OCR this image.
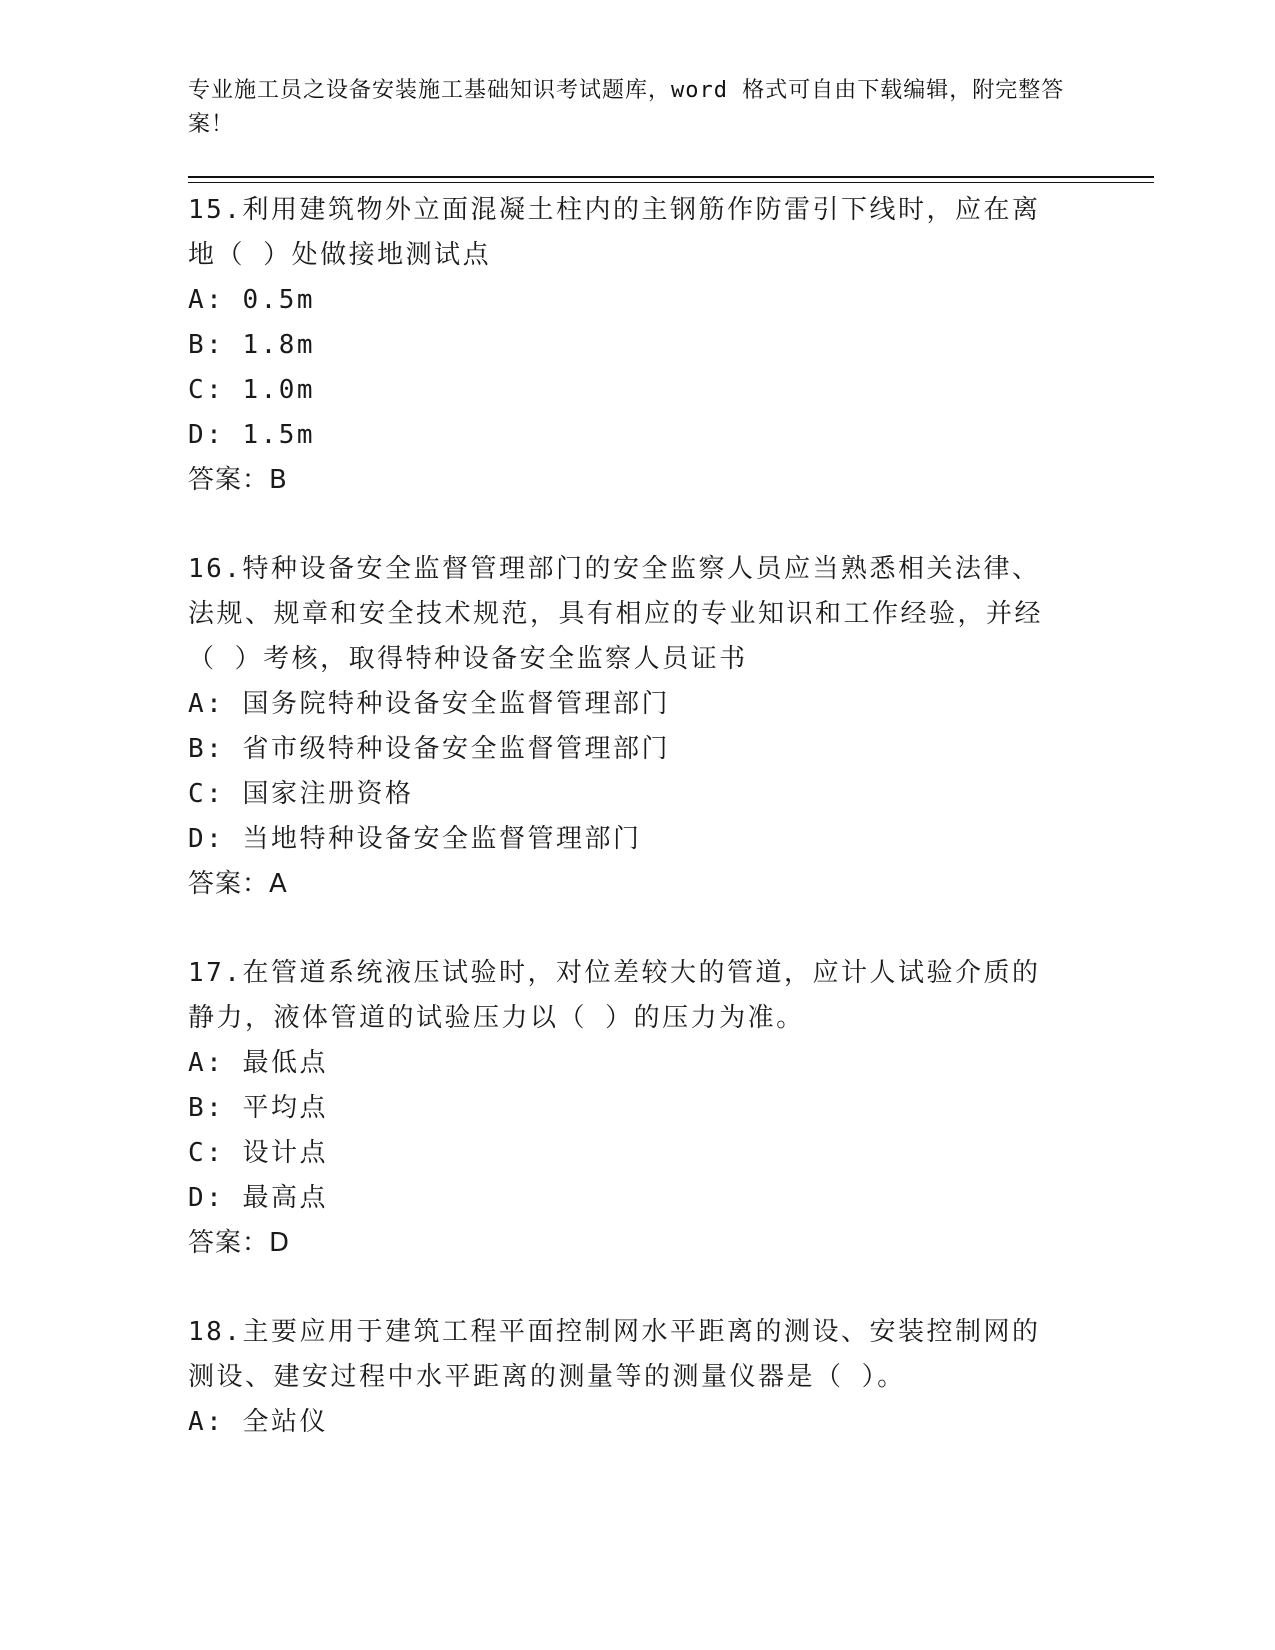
专业施工员之设备安装施工基础知识考试题库，word 格式可自由下载编辑，附完整答案！

15.利用建筑物外立面混凝土柱内的主钢筋作防雷引下线时，应在离地（ ）处做接地测试点

A: 0.5m

B: 1.8m

C: 1.0m

D: 1.5m

答案：B

16.特种设备安全监督管理部门的安全监察人员应当熟悉相关法律、法规、规章和安全技术规范，具有相应的专业知识和工作经验，并经（ ）考核，取得特种设备安全监察人员证书

A: 国务院特种设备安全监督管理部门

B: 省市级特种设备安全监督管理部门

C: 国家注册资格

D: 当地特种设备安全监督管理部门

答案：A

17.在管道系统液压试验时，对位差较大的管道，应计人试验介质的静力，液体管道的试验压力以（ ）的压力为准。

A: 最低点

B: 平均点

C: 设计点

D: 最高点

答案：D

18.主要应用于建筑工程平面控制网水平距离的测设、安装控制网的测设、建安过程中水平距离的测量等的测量仪器是（ ）。

A: 全站仪
